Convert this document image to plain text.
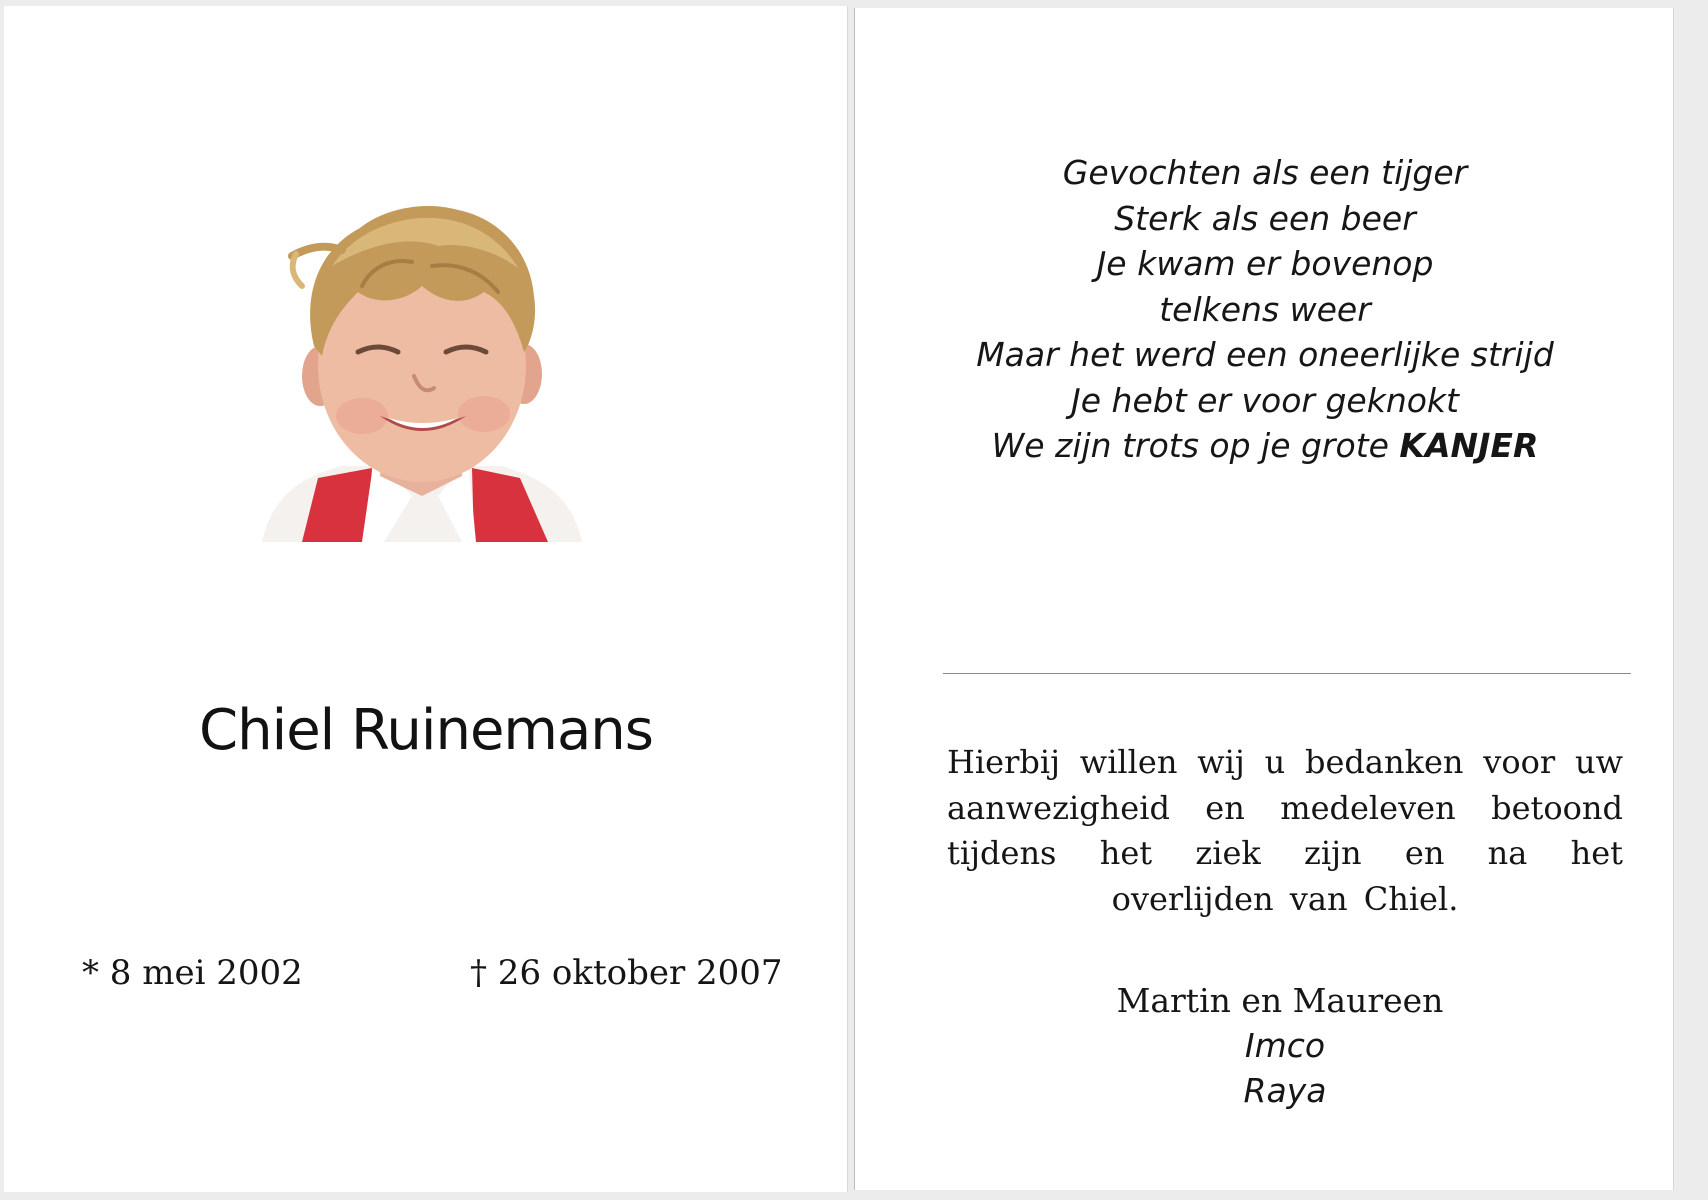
Chiel Ruinemans
* 8 mei 2002	† 26 oktober 2007
Gevochten als een tijger
Sterk als een beer
Je kwam er bovenop
telkens weer
Maar het werd een oneerlijke strijd
Je hebt er voor geknokt
We zijn trots op je grote KANJER

Hierbij willen wij u bedanken voor uw aanwezigheid en medeleven betoond tijdens het ziek zijn en na het overlijden van Chiel.

Martin en Maureen
Imco
Raya
